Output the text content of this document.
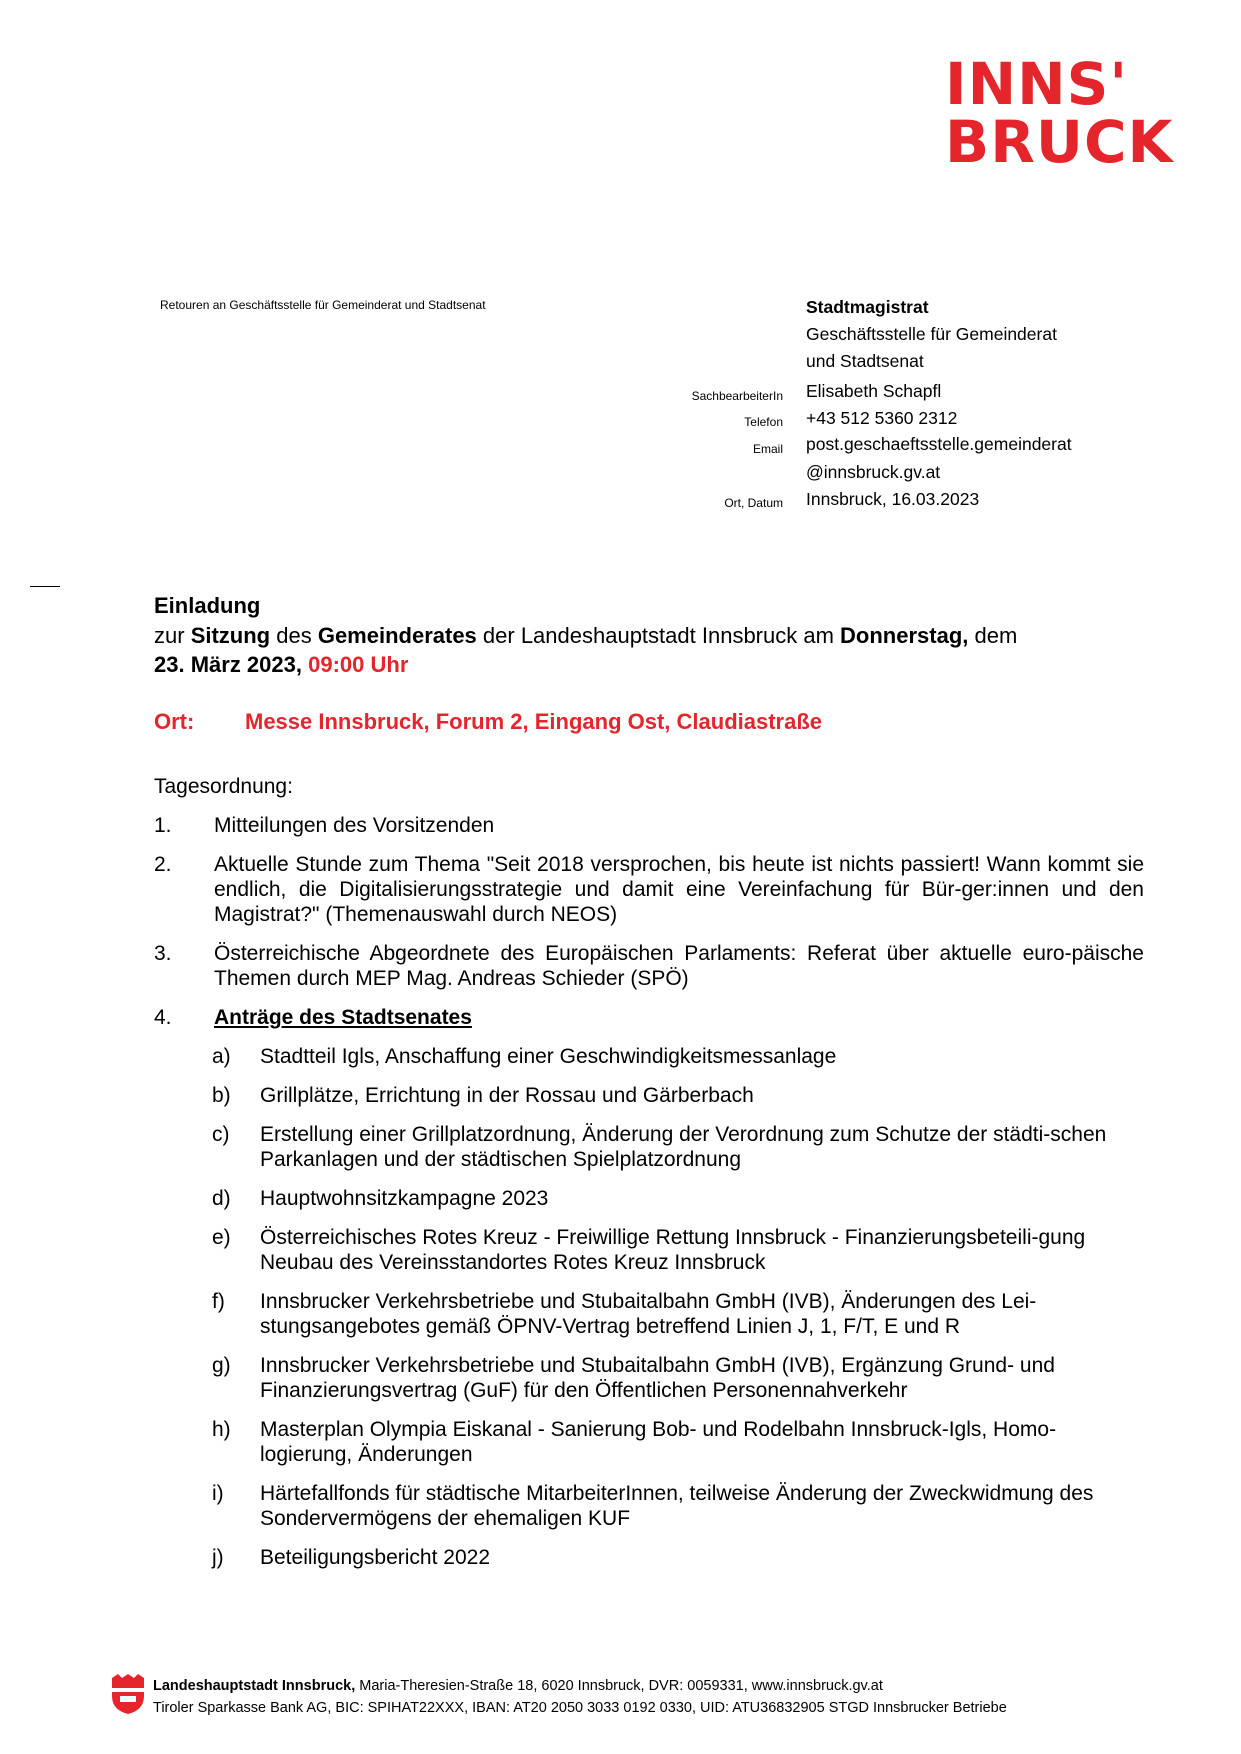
INNS'
BRUCK
Retouren an Geschäftsstelle für Gemeinderat und Stadtsenat	Stadtmagistrat
Geschäftsstelle für Gemeinderat
und Stadtsenat
SachbearbeiterIn Elisabeth Schapfl
Telefon +43 512 5360 2312
Email post.geschaeftsstelle.gemeinderat
@innsbruck.gv.at
Ort, Datum Innsbruck, 16.03.2023
Einladung
zur Sitzung des Gemeinderates der Landeshauptstadt Innsbruck am Donnerstag, dem
23. März 2023, 09:00 Uhr
Ort: Messe Innsbruck, Forum 2, Eingang Ost, Claudiastraße
Tagesordnung:
1.	Mitteilungen des Vorsitzenden
2.	Aktuelle Stunde zum Thema "Seit 2018 versprochen, bis heute ist nichts passiert! Wann kommt sie endlich, die Digitalisierungsstrategie und damit eine Vereinfachung für Bür-ger:innen und den Magistrat?" (Themenauswahl durch NEOS)
3.	Österreichische Abgeordnete des Europäischen Parlaments: Referat über aktuelle euro-päische Themen durch MEP Mag. Andreas Schieder (SPÖ)
4.	Anträge des Stadtsenates
a)	Stadtteil Igls, Anschaffung einer Geschwindigkeitsmessanlage
b)	Grillplätze, Errichtung in der Rossau und Gärberbach
c)	Erstellung einer Grillplatzordnung, Änderung der Verordnung zum Schutze der städti-schen Parkanlagen und der städtischen Spielplatzordnung
d)	Hauptwohnsitzkampagne 2023
e)	Österreichisches Rotes Kreuz - Freiwillige Rettung Innsbruck - Finanzierungsbeteili-gung
Neubau des Vereinsstandortes Rotes Kreuz Innsbruck
f)	Innsbrucker Verkehrsbetriebe und Stubaitalbahn GmbH (IVB), Änderungen des Lei-stungsangebotes gemäß ÖPNV-Vertrag betreffend Linien J, 1, F/T, E und R
g)	Innsbrucker Verkehrsbetriebe und Stubaitalbahn GmbH (IVB), Ergänzung Grund- und Finanzierungsvertrag (GuF) für den Öffentlichen Personennahverkehr
h)	Masterplan Olympia Eiskanal - Sanierung Bob- und Rodelbahn Innsbruck-Igls, Homo-logierung, Änderungen
i)	Härtefallfonds für städtische MitarbeiterInnen, teilweise Änderung der Zweckwidmung des Sondervermögens der ehemaligen KUF
j)	Beteiligungsbericht 2022
Landeshauptstadt Innsbruck, Maria-Theresien-Straße 18, 6020 Innsbruck, DVR: 0059331, www.innsbruck.gv.at
Tiroler Sparkasse Bank AG, BIC: SPIHAT22XXX, IBAN: AT20 2050 3033 0192 0330, UID: ATU36832905 STGD Innsbrucker Betriebe
